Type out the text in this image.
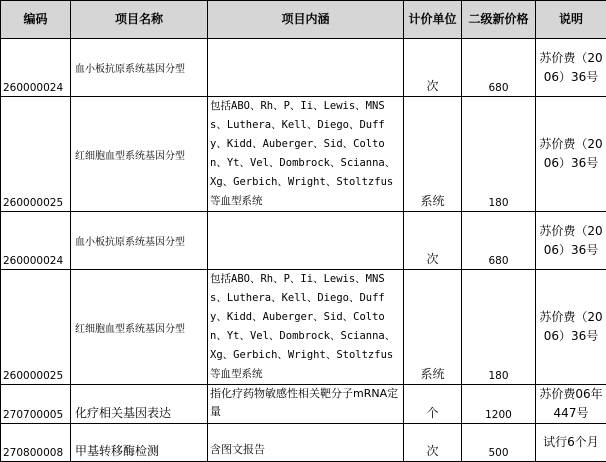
编码	项目名称	项目内涵	计价单位	二级新价格	说明
260000024	血小板抗原系统基因分型		次	680	苏价费（2006）36号
260000025	红细胞血型系统基因分型	包括ABO、Rh、P、Ii、Lewis、MNSs、Luthera、Kell、Diego、Duffy、Kidd、Auberger、Sid、Colton、Yt、Vel、Dombrock、Scianna、Xg、Gerbich、Wright、Stoltzfus等血型系统	系统	180	苏价费（2006）36号
260000024	血小板抗原系统基因分型		次	680	苏价费（2006）36号
260000025	红细胞血型系统基因分型	包括ABO、Rh、P、Ii、Lewis、MNSs、Luthera、Kell、Diego、Duffy、Kidd、Auberger、Sid、Colton、Yt、Vel、Dombrock、Scianna、Xg、Gerbich、Wright、Stoltzfus等血型系统	系统	180	苏价费（2006）36号
270700005	化疗相关基因表达	指化疗药物敏感性相关靶分子mRNA定量	个	1200	苏价费06年447号
270800008	甲基转移酶检测	含图文报告	次	500	试行6个月
